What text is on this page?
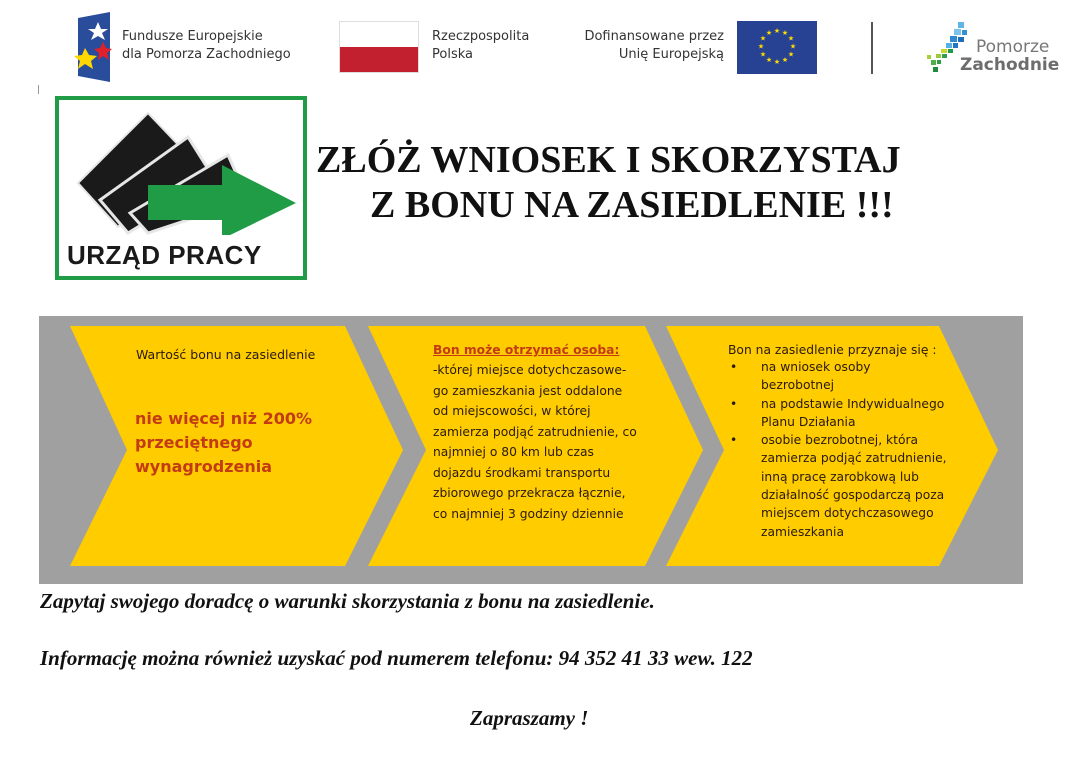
Fundusze Europejskie
dla Pomorza Zachodniego
Rzeczpospolita
Polska
Dofinansowane przez
Unię Europejską
★ ★
★
★
★
★
★
★
★
★
★
★
Pomorze
Zachodnie
URZĄD PRACY
ZŁÓŻ WNIOSEK I SKORZYSTAJ
Z BONU NA ZASIEDLENIE !!!
Wartość bonu na zasiedlenie
nie więcej niż 200%
przeciętnego
wynagrodzenia
Bon może otrzymać osoba:
-której miejsce dotychczasowe-
go zamieszkania jest oddalone
od miejscowości, w której
zamierza podjąć zatrudnienie, co
najmniej o 80 km lub czas
dojazdu środkami transportu
zbiorowego przekracza łącznie,
co najmniej 3 godziny dziennie
Bon na zasiedlenie przyznaje się :
• na wniosek osoby bezrobotnej
• na podstawie Indywidualnego Planu Działania
• osobie bezrobotnej, która zamierza podjąć zatrudnienie, inną pracę zarobkową lub działalność gospodarczą poza miejscem dotychczasowego zamieszkania
Zapytaj swojego doradcę o warunki skorzystania z bonu na zasiedlenie.
Informację można również uzyskać pod numerem telefonu: 94 352 41 33 wew. 122
Zapraszamy !
